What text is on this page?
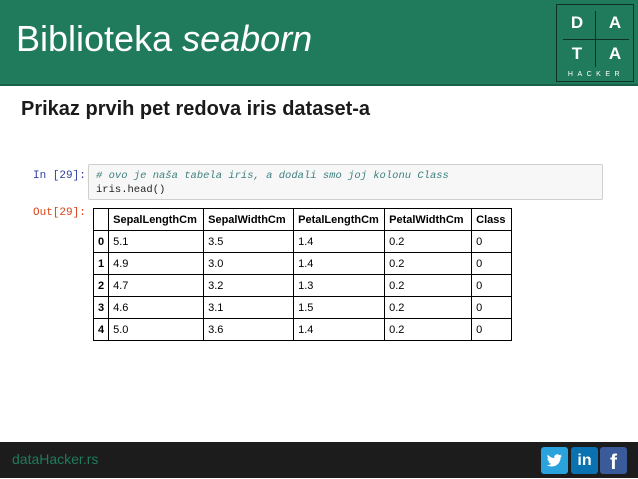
Biblioteka seaborn	D A
T A
HACKER
Prikaz prvih pet redova iris dataset-a
In [29]: # ovo je naša tabela iris, a dodali smo joj kolonu Class
iris.head()
Out[29]:
	SepalLengthCm	SepalWidthCm	PetalLengthCm	PetalWidthCm	Class
0	5.1	3.5	1.4	0.2	0
1	4.9	3.0	1.4	0.2	0
2	4.7	3.2	1.3	0.2	0
3	4.6	3.1	1.5	0.2	0
4	5.0	3.6	1.4	0.2	0
dataHacker.rs	in f
